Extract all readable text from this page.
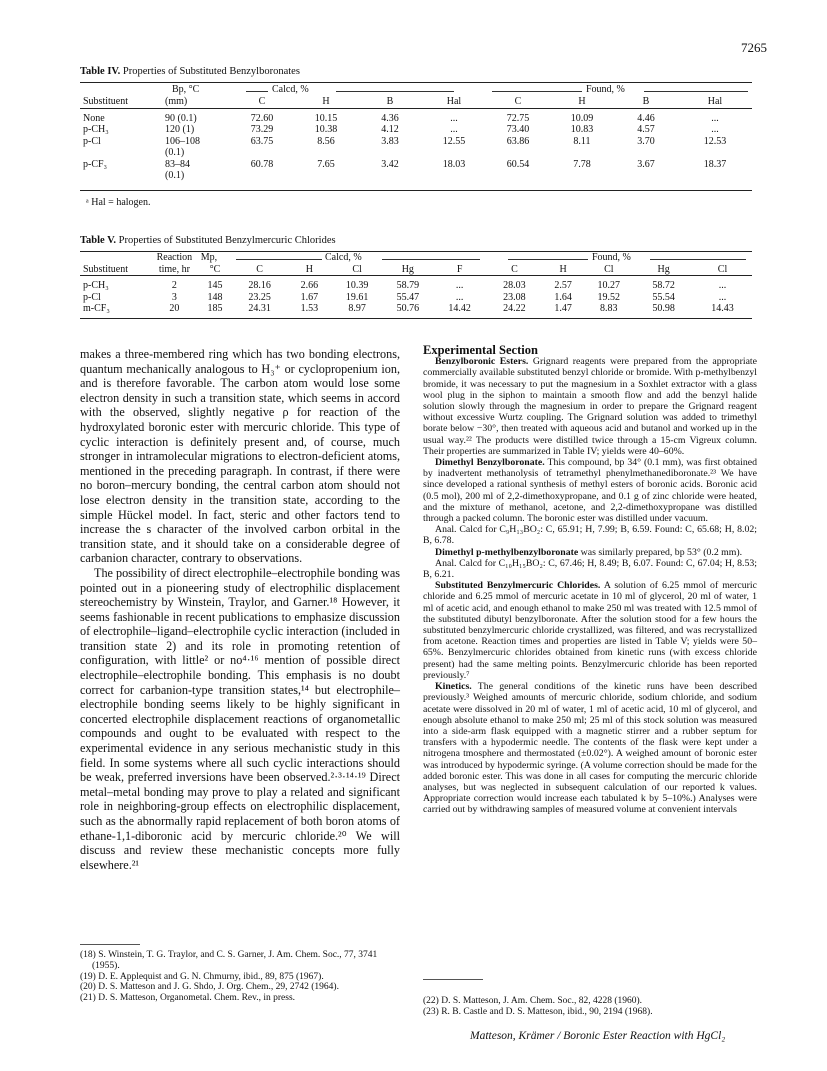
7265
Table IV. Properties of Substituted Benzylboronates
Calcd, %	Found, %
Bp, °C
Substituent	(mm)	C	H	B	Hal	C	H	B	Hal

None	90 (0.1)	72.60	10.15	4.36	...	72.75	10.09	4.46	...
p-CH₃	120 (1)	73.29	10.38	4.12	...	73.40	10.83	4.57	...
p-Cl	106–108	63.75	8.56	3.83	12.55	63.86	8.11	3.70	12.53
	(0.1)								
p-CF₃	83–84	60.78	7.65	3.42	18.03	60.54	7.78	3.67	18.37
	(0.1)								
ᵃ Hal = halogen.
Table V. Properties of Substituted Benzylmercuric Chlorides
Calcd, %	Found, %
	Reaction	Mp,										
Substituent	time, hr	°C	C	H	Cl	Hg	F	C	H	Cl	Hg	Cl

p-CH₃	2	145	28.16	2.66	10.39	58.79	...	28.03	2.57	10.27	58.72	...
p-Cl	3	148	23.25	1.67	19.61	55.47	...	23.08	1.64	19.52	55.54	...
m-CF₃	20	185	24.31	1.53	8.97	50.76	14.42	24.22	1.47	8.83	50.98	14.43

makes a three-membered ring which has two bonding electrons, quantum mechanically analogous to H₃⁺ or cyclopropenium ion, and is therefore favorable. The carbon atom would lose some electron density in such a transition state, which seems in accord with the observed, slightly negative ρ for reaction of the hydroxylated boronic ester with mercuric chloride. This type of cyclic interaction is definitely present and, of course, much stronger in intramolecular migrations to electron-deficient atoms, mentioned in the preceding paragraph. In contrast, if there were no boron–mercury bonding, the central carbon atom should not lose electron density in the transition state, according to the simple Hückel model. In fact, steric and other factors tend to increase the s character of the involved carbon orbital in the transition state, and it should take on a considerable degree of carbanion character, contrary to observations.

The possibility of direct electrophile–electrophile bonding was pointed out in a pioneering study of electrophilic displacement stereochemistry by Winstein, Traylor, and Garner.¹⁸ However, it seems fashionable in recent publications to emphasize discussion of electrophile–ligand–electrophile cyclic interaction (included in transition state 2) and its role in promoting retention of configuration, with little² or no⁴·¹⁶ mention of possible direct electrophile–electrophile bonding. This emphasis is no doubt correct for carbanion-type transition states,¹⁴ but electrophile–electrophile bonding seems likely to be highly significant in concerted electrophile displacement reactions of organometallic compounds and ought to be evaluated with respect to the experimental evidence in any serious mechanistic study in this field. In some systems where all such cyclic interactions should be weak, preferred inversions have been observed.²·³·¹⁴·¹⁹ Direct metal–metal bonding may prove to play a related and significant role in neighboring-group effects on electrophilic displacement, such as the abnormally rapid replacement of both boron atoms of ethane-1,1-diboronic acid by mercuric chloride.²⁰ We will discuss and review these mechanistic concepts more fully elsewhere.²¹

(18) S. Winstein, T. G. Traylor, and C. S. Garner, J. Am. Chem. Soc., 77, 3741 (1955).
(19) D. E. Applequist and G. N. Chmurny, ibid., 89, 875 (1967).
(20) D. S. Matteson and J. G. Shdo, J. Org. Chem., 29, 2742 (1964).
(21) D. S. Matteson, Organometal. Chem. Rev., in press.

Experimental Section

Benzylboronic Esters. Grignard reagents were prepared from the appropriate commercially available substituted benzyl chloride or bromide. With p-methylbenzyl bromide, it was necessary to put the magnesium in a Soxhlet extractor with a glass wool plug in the siphon to maintain a smooth flow and add the benzyl halide solution slowly through the magnesium in order to prepare the Grignard reagent without excessive Wurtz coupling. The Grignard solution was added to trimethyl borate below −30°, then treated with aqueous acid and butanol and worked up in the usual way.²² The products were distilled twice through a 15-cm Vigreux column. Their properties are summarized in Table IV; yields were 40–60%.

Dimethyl Benzylboronate. This compound, bp 34° (0.1 mm), was first obtained by inadvertent methanolysis of tetramethyl phenylmethanediboronate.²³ We have since developed a rational synthesis of methyl esters of boronic acids. Boronic acid (0.5 mol), 200 ml of 2,2-dimethoxypropane, and 0.1 g of zinc chloride were heated, and the mixture of methanol, acetone, and 2,2-dimethoxypropane was distilled through a packed column. The boronic ester was distilled under vacuum.

Anal. Calcd for C₉H₁₃BO₂: C, 65.91; H, 7.99; B, 6.59. Found: C, 65.68; H, 8.02; B, 6.78.

Dimethyl p-methylbenzylboronate was similarly prepared, bp 53° (0.2 mm).

Anal. Calcd for C₁₀H₁₅BO₂: C, 67.46; H, 8.49; B, 6.07. Found: C, 67.04; H, 8.53; B, 6.21.

Substituted Benzylmercuric Chlorides. A solution of 6.25 mmol of mercuric chloride and 6.25 mmol of mercuric acetate in 10 ml of glycerol, 20 ml of water, 1 ml of acetic acid, and enough ethanol to make 250 ml was treated with 12.5 mmol of the substituted dibutyl benzylboronate. After the solution stood for a few hours the substituted benzylmercuric chloride crystallized, was filtered, and was recrystallized from acetone. Reaction times and properties are listed in Table V; yields were 50–65%. Benzylmercuric chlorides obtained from kinetic runs (with excess chloride present) had the same melting points. Benzylmercuric chloride has been reported previously.⁷

Kinetics. The general conditions of the kinetic runs have been described previously.³ Weighed amounts of mercuric chloride, sodium chloride, and sodium acetate were dissolved in 20 ml of water, 1 ml of acetic acid, 10 ml of glycerol, and enough absolute ethanol to make 250 ml; 25 ml of this stock solution was measured into a side-arm flask equipped with a magnetic stirrer and a rubber septum for transfers with a hypodermic needle. The contents of the flask were kept under a nitrogena tmosphere and thermostated (±0.02°). A weighed amount of boronic ester was introduced by hypodermic syringe. (A volume correction should be made for the added boronic ester. This was done in all cases for computing the mercuric chloride analyses, but was neglected in subsequent calculation of our reported k values. Appropriate correction would increase each tabulated k by 5–10%.) Analyses were carried out by withdrawing samples of measured volume at convenient intervals

(22) D. S. Matteson, J. Am. Chem. Soc., 82, 4228 (1960).
(23) R. B. Castle and D. S. Matteson, ibid., 90, 2194 (1968).
Matteson, Krämer / Boronic Ester Reaction with HgCl₂
